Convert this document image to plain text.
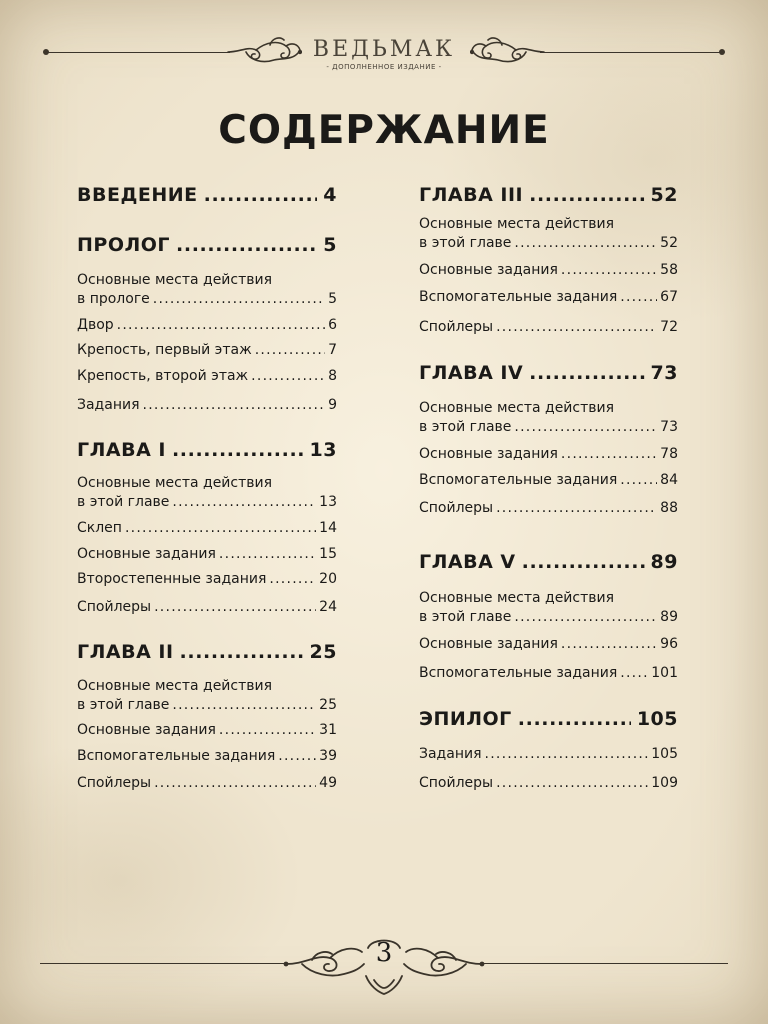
ВЕДЬМАК
- ДОПОЛНЕННОЕ ИЗДАНИЕ -
СОДЕРЖАНИЕ
ВВЕДЕНИЕ . . .	4
ПРОЛОГ . . .	5
Основные места действия
в прологе . . .	5
Двор . . .	6
Крепость, первый этаж . . .	7
Крепость, второй этаж . . .	8
Задания . . .	9
ГЛАВА I . . .	13
Основные места действия
в этой главе . . .	13
Склеп . . .	14
Основные задания . . .	15
Второстепенные задания . . .	20
Спойлеры . . .	24
ГЛАВА II . . .	25
Основные места действия
в этой главе . . .	25
Основные задания . . .	31
Вспомогательные задания . . .	39
Спойлеры . . .	49
ГЛАВА III . . .	52
Основные места действия
в этой главе . . .	52
Основные задания . . .	58
Вспомогательные задания . . .	67
Спойлеры . . .	72
ГЛАВА IV . . .	73
Основные места действия
в этой главе . . .	73
Основные задания . . .	78
Вспомогательные задания . . .	84
Спойлеры . . .	88
ГЛАВА V . . .	89
Основные места действия
в этой главе . . .	89
Основные задания . . .	96
Вспомогательные задания . . . 101
ЭПИЛОГ . . .	105
Задания . . .	105
Спойлеры . . .	109
3
